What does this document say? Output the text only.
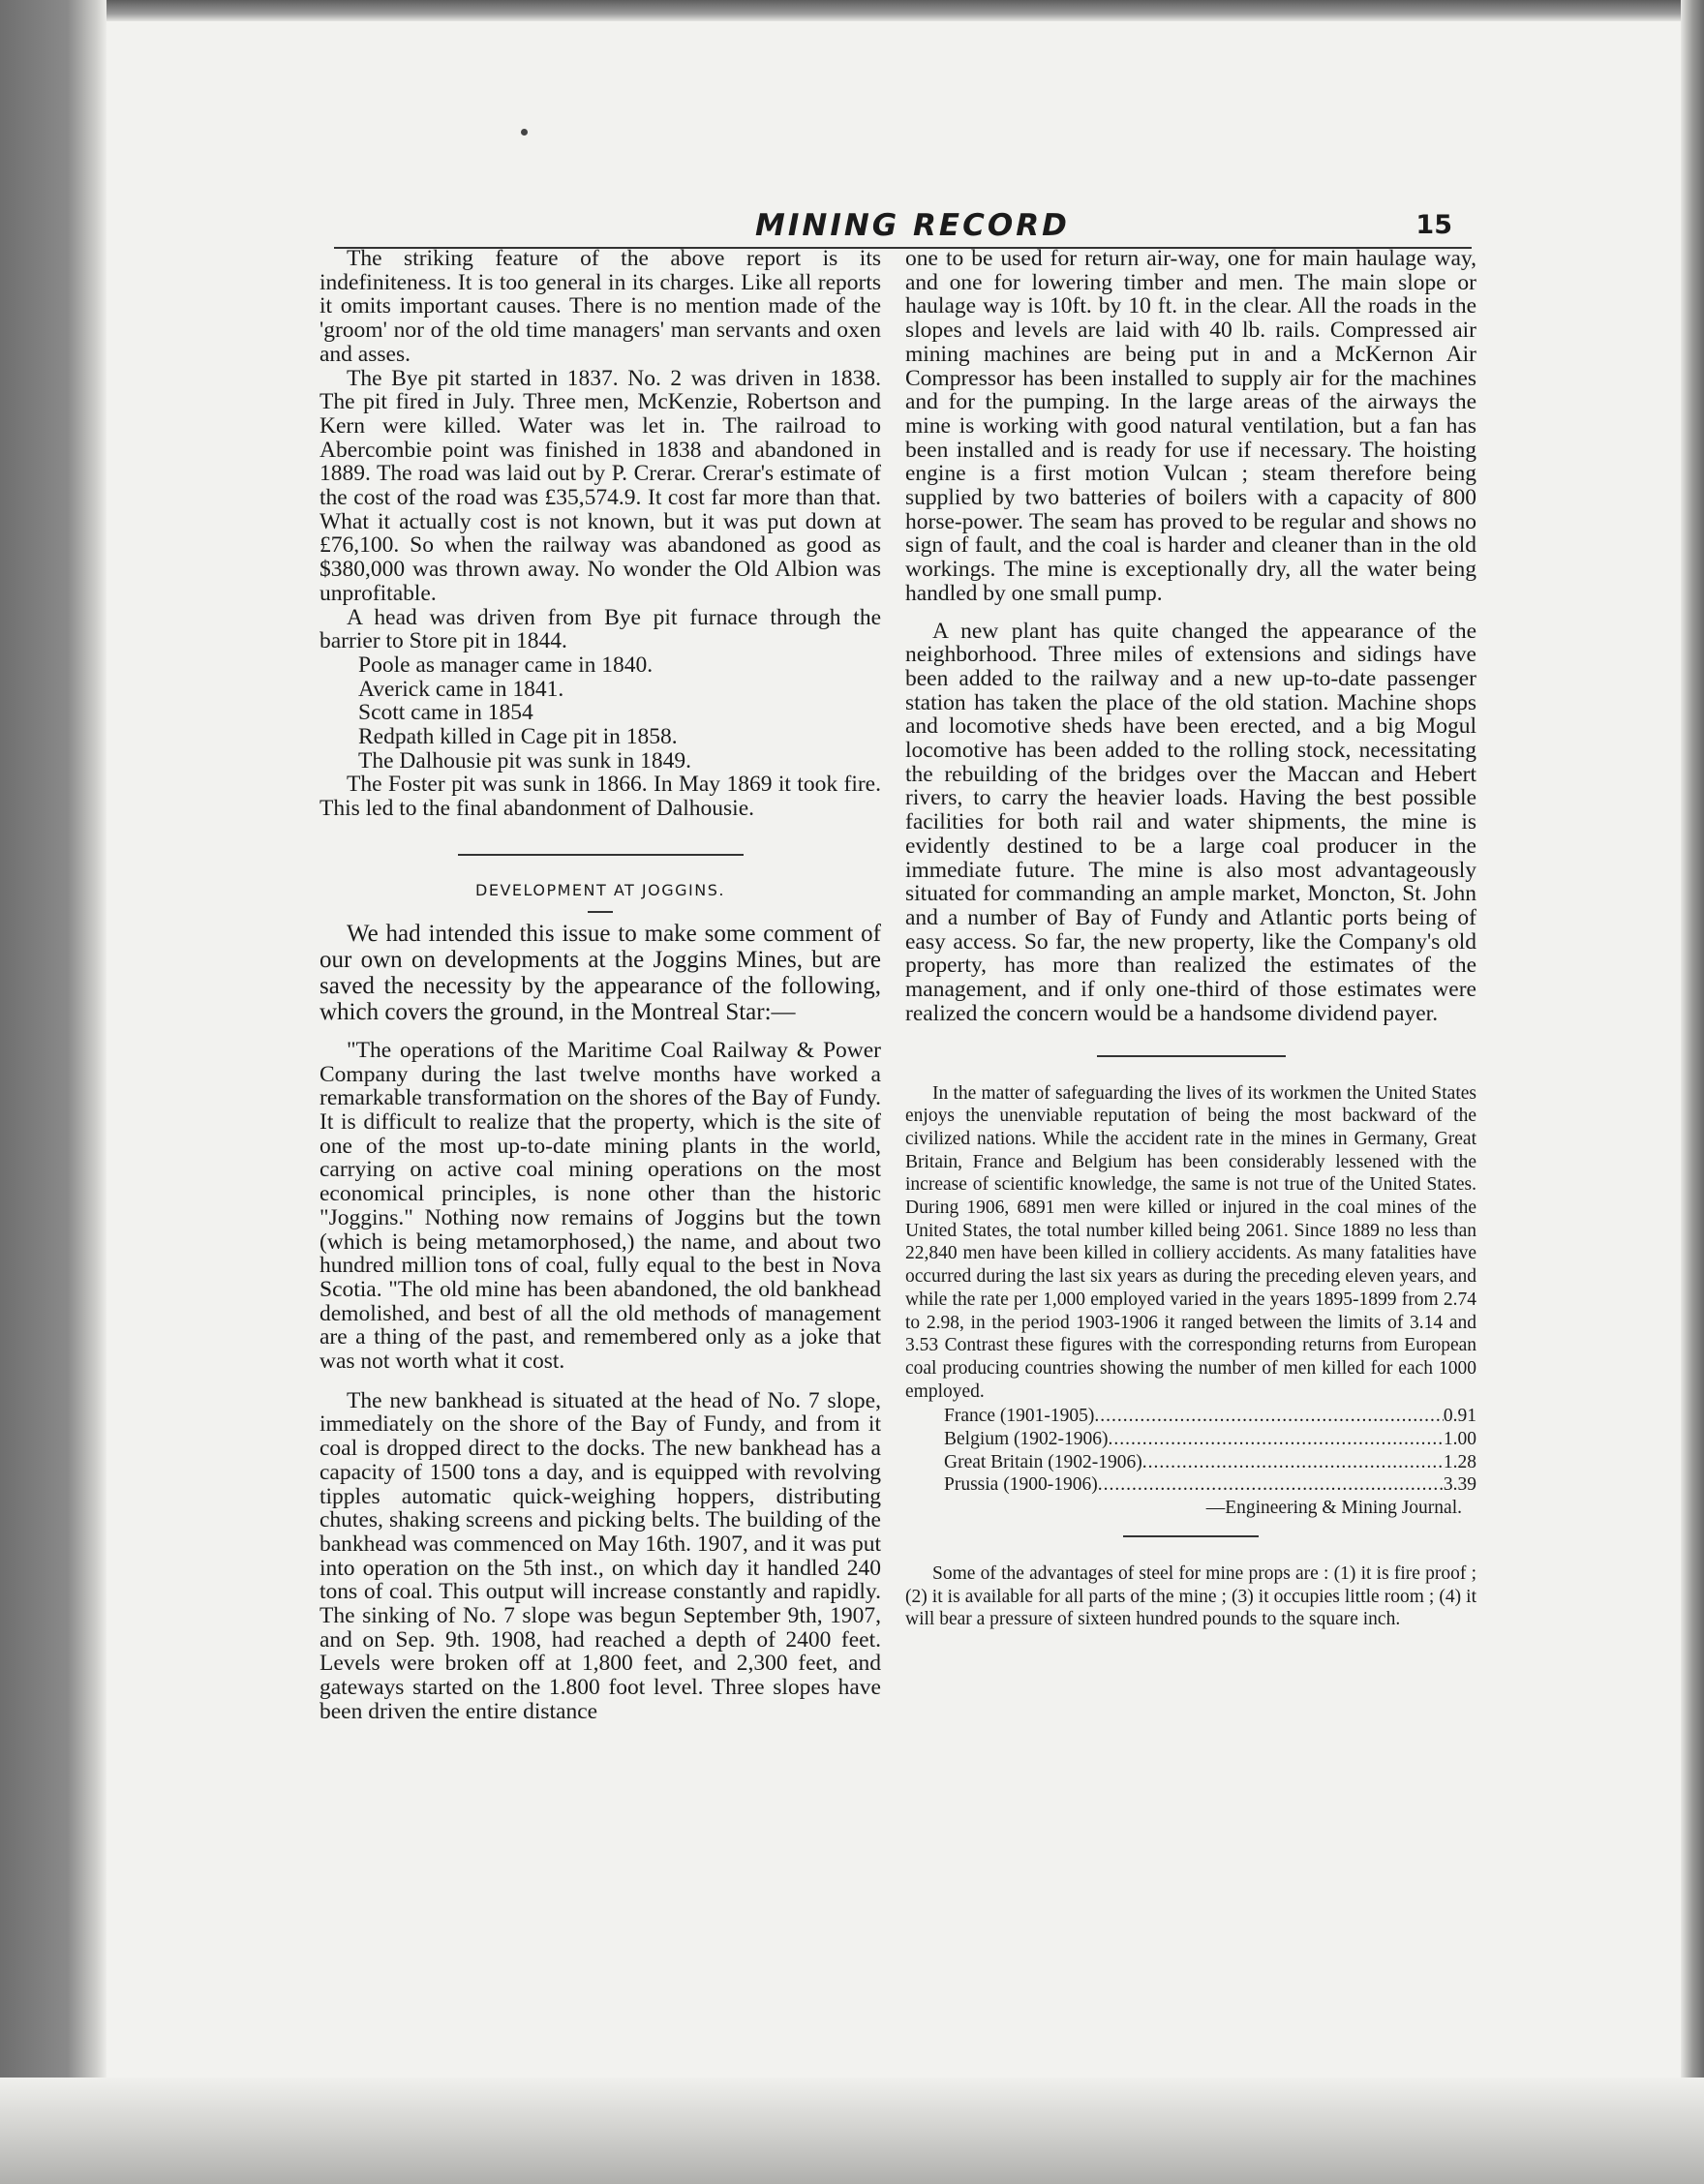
MINING RECORD	15

The striking feature of the above report is its indefiniteness. It is too general in its charges. Like all reports it omits important causes. There is no mention made of the 'groom' nor of the old time managers' man servants and oxen and asses.

The Bye pit started in 1837. No. 2 was driven in 1838. The pit fired in July. Three men, McKenzie, Robertson and Kern were killed. Water was let in. The railroad to Abercombie point was finished in 1838 and abandoned in 1889. The road was laid out by P. Crerar. Crerar's estimate of the cost of the road was £35,574.9. It cost far more than that. What it actually cost is not known, but it was put down at £76,100. So when the railway was abandoned as good as $380,000 was thrown away. No wonder the Old Albion was unprofitable.

A head was driven from Bye pit furnace through the barrier to Store pit in 1844.

Poole as manager came in 1840.
Averick came in 1841.
Scott came in 1854
Redpath killed in Cage pit in 1858.
The Dalhousie pit was sunk in 1849.

The Foster pit was sunk in 1866. In May 1869 it took fire. This led to the final abandonment of Dalhousie.

DEVELOPMENT AT JOGGINS.

We had intended this issue to make some comment of our own on developments at the Joggins Mines, but are saved the necessity by the appearance of the following, which covers the ground, in the Montreal Star:—

"The operations of the Maritime Coal Railway & Power Company during the last twelve months have worked a remarkable transformation on the shores of the Bay of Fundy. It is difficult to realize that the property, which is the site of one of the most up-to-date mining plants in the world, carrying on active coal mining operations on the most economical principles, is none other than the historic "Joggins." Nothing now remains of Joggins but the town (which is being metamorphosed,) the name, and about two hundred million tons of coal, fully equal to the best in Nova Scotia. "The old mine has been abandoned, the old bankhead demolished, and best of all the old methods of management are a thing of the past, and remembered only as a joke that was not worth what it cost.

The new bankhead is situated at the head of No. 7 slope, immediately on the shore of the Bay of Fundy, and from it coal is dropped direct to the docks. The new bankhead has a capacity of 1500 tons a day, and is equipped with revolving tipples automatic quick-weighing hoppers, distributing chutes, shaking screens and picking belts. The building of the bankhead was commenced on May 16th. 1907, and it was put into operation on the 5th inst., on which day it handled 240 tons of coal. This output will increase constantly and rapidly. The sinking of No. 7 slope was begun September 9th, 1907, and on Sep. 9th. 1908, had reached a depth of 2400 feet. Levels were broken off at 1,800 feet, and 2,300 feet, and gateways started on the 1.800 foot level. Three slopes have been driven the entire distance

one to be used for return air-way, one for main haulage way, and one for lowering timber and men. The main slope or haulage way is 10ft. by 10 ft. in the clear. All the roads in the slopes and levels are laid with 40 lb. rails. Compressed air mining machines are being put in and a McKernon Air Compressor has been installed to supply air for the machines and for the pumping. In the large areas of the airways the mine is working with good natural ventilation, but a fan has been installed and is ready for use if necessary. The hoisting engine is a first motion Vulcan ; steam therefore being supplied by two batteries of boilers with a capacity of 800 horse-power. The seam has proved to be regular and shows no sign of fault, and the coal is harder and cleaner than in the old workings. The mine is exceptionally dry, all the water being handled by one small pump.

A new plant has quite changed the appearance of the neighborhood. Three miles of extensions and sidings have been added to the railway and a new up-to-date passenger station has taken the place of the old station. Machine shops and locomotive sheds have been erected, and a big Mogul locomotive has been added to the rolling stock, necessitating the rebuilding of the bridges over the Maccan and Hebert rivers, to carry the heavier loads. Having the best possible facilities for both rail and water shipments, the mine is evidently destined to be a large coal producer in the immediate future. The mine is also most advantageously situated for commanding an ample market, Moncton, St. John and a number of Bay of Fundy and Atlantic ports being of easy access. So far, the new property, like the Company's old property, has more than realized the estimates of the management, and if only one-third of those estimates were realized the concern would be a handsome dividend payer.

In the matter of safeguarding the lives of its workmen the United States enjoys the unenviable reputation of being the most backward of the civilized nations. While the accident rate in the mines in Germany, Great Britain, France and Belgium has been considerably lessened with the increase of scientific knowledge, the same is not true of the United States. During 1906, 6891 men were killed or injured in the coal mines of the United States, the total number killed being 2061. Since 1889 no less than 22,840 men have been killed in colliery accidents. As many fatalities have occurred during the last six years as during the preceding eleven years, and while the rate per 1,000 employed varied in the years 1895-1899 from 2.74 to 2.98, in the period 1903-1906 it ranged between the limits of 3.14 and 3.53 Contrast these figures with the corresponding returns from European coal producing countries showing the number of men killed for each 1000 employed.

France (1901-1905) .....	0.91
Belgium (1902-1906) .....	1.00
Great Britain (1902-1906) .....	1.28
Prussia (1900-1906) .....	3.39
—Engineering & Mining Journal.

Some of the advantages of steel for mine props are : (1) it is fire proof ; (2) it is available for all parts of the mine ; (3) it occupies little room ; (4) it will bear a pressure of sixteen hundred pounds to the square inch.
